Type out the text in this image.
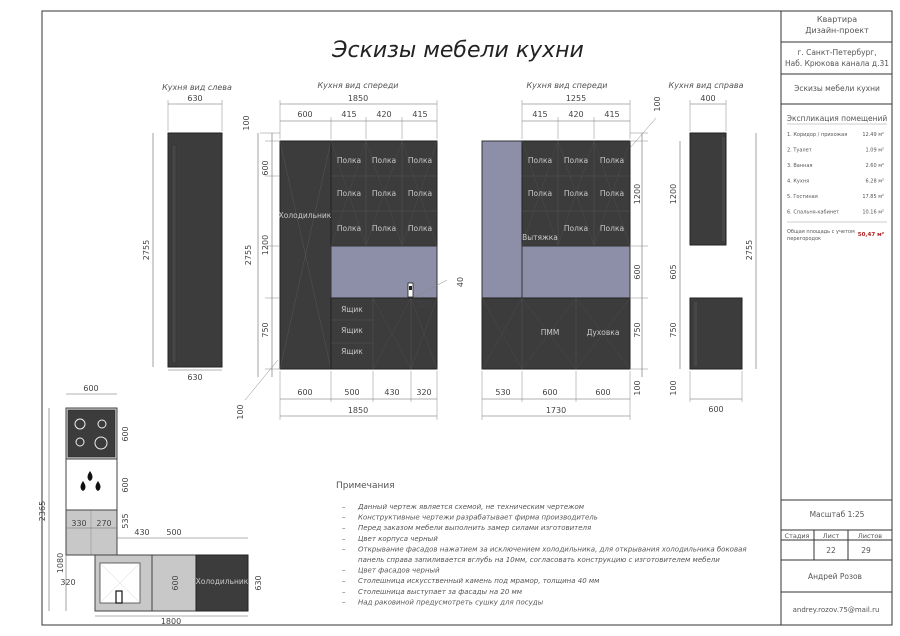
Эскизы мебели кухни
Квартира
Дизайн-проект
г. Санкт-Петербург,
Наб. Крюкова канала д.31
Эскизы мебели кухни
Экспликация помещений
1. Коридор / прихожая	12.49 м²
2. Туалет	1.09 м²
3. Ванная	2.60 м²
4. Кухня	6.28 м²
5. Гостиная	17.85 м²
6. Спальня-кабинет	10.16 м²
Общая площадь с учетом
перегородок
50,47 м²
Масштаб 1:25
Стадия Лист	Листов
22	29
Андрей Розов
andrey.rozov.75@mail.ru
Кухня вид слева	Кухня вид спереди	Кухня вид спереди	Кухня вид справа
630
630
2755
Холодильник
Полка Полка Полка
Полка Полка Полка
Полка Полка Полка
Ящик
Ящик
Ящик
1850
600	415 420	415
600	500	430 320
1850
2755
100
600
1200
750
100
40
320
Полка Полка Полка
Полка Полка Полка
Полка Полка
Вытяжка
ПММ	Духовка
1255
415	420	415
530	600	600
1730
100
1200
600
750
100
400
600
1200
605
750
100
2755
600 Холодильник
600
600
600
535
330 270
430 500
1080
320
2365
630
1800
Примечания
– Данный чертеж является схемой, не техническим чертежом
– Конструктивные чертежи разрабатывает фирма производитель
– Перед заказом мебели выполнить замер силами изготовителя
– Цвет корпуса черный
– Открывание фасадов нажатием за исключением холодильника, для открывания холодильника боковая
панель справа запиливается вглубь на 10мм, согласовать конструкцию с изготовителем мебели
– Цвет фасадов черный
– Столешница искусственный камень под мрамор, толщина 40 мм
– Столешница выступает за фасады на 20 мм
– Над раковиной предусмотреть сушку для посуды
